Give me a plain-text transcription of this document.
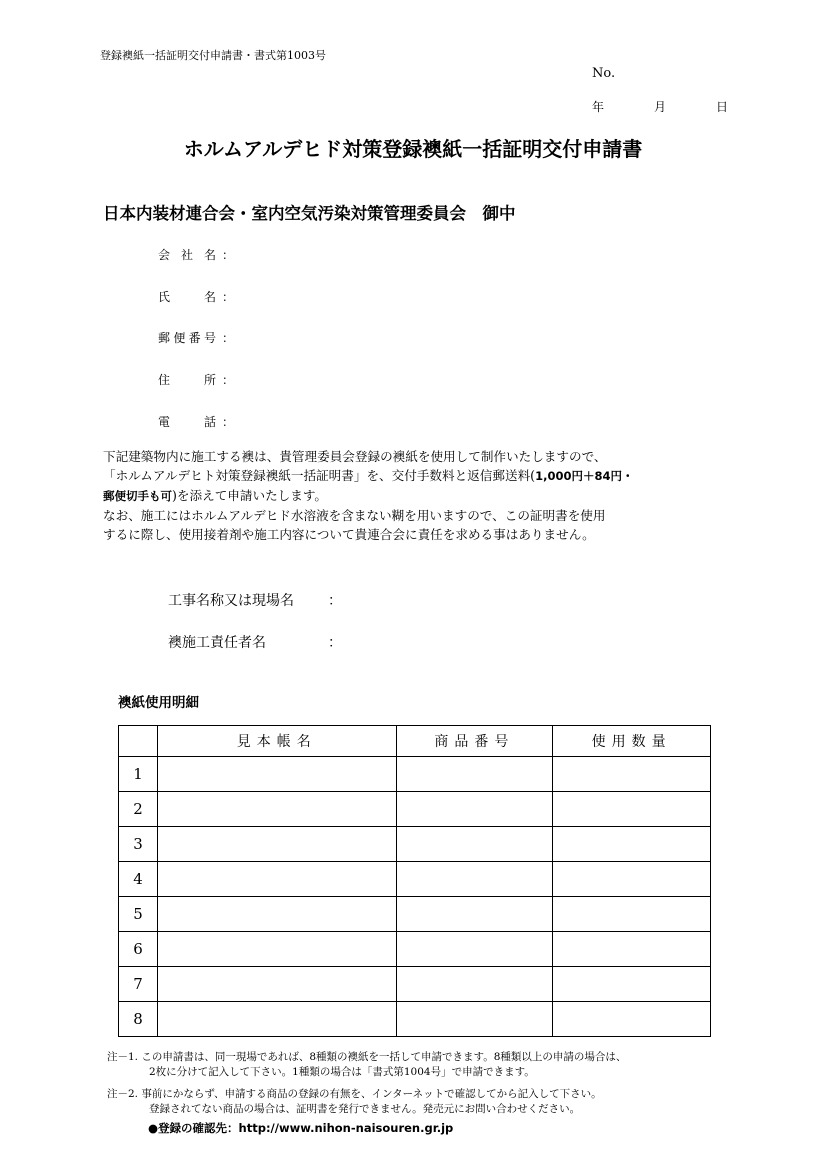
登録襖紙一括証明交付申請書・書式第1003号
No.
年	月	日
ホルムアルデヒド対策登録襖紙一括証明交付申請書
日本内装材連合会・室内空気汚染対策管理委員会　御中
会社名 ：
氏名 ：
郵便番号 ：
住所 ：
電話 ：
下記建築物内に施工する襖は、貴管理委員会登録の襖紙を使用して制作いたしますので、
「ホルムアルデヒト対策登録襖紙一括証明書」を、交付手数料と返信郵送料(1,000円＋84円・
郵便切手も可)を添えて申請いたします。
なお、施工にはホルムアルデヒド水溶液を含まない糊を用いますので、この証明書を使用
するに際し、使用接着剤や施工内容について貴連合会に責任を求める事はありません。
工事名称又は現場名 ：
襖施工責任者名	：
襖紙使用明細
	見本帳名	商品番号	使用数量
1			
2			
3			
4			
5			
6			
7			
8			
注－1. この申請書は、同一現場であれば、8種類の襖紙を一括して申請できます。8種類以上の申請の場合は、
2枚に分けて記入して下さい。1種類の場合は「書式第1004号」で申請できます。
注－2. 事前にかならず、申請する商品の登録の有無を、インターネットで確認してから記入して下さい。
登録されてない商品の場合は、証明書を発行できません。発売元にお問い合わせください。
●登録の確認先：http://www.nihon-naisouren.gr.jp
